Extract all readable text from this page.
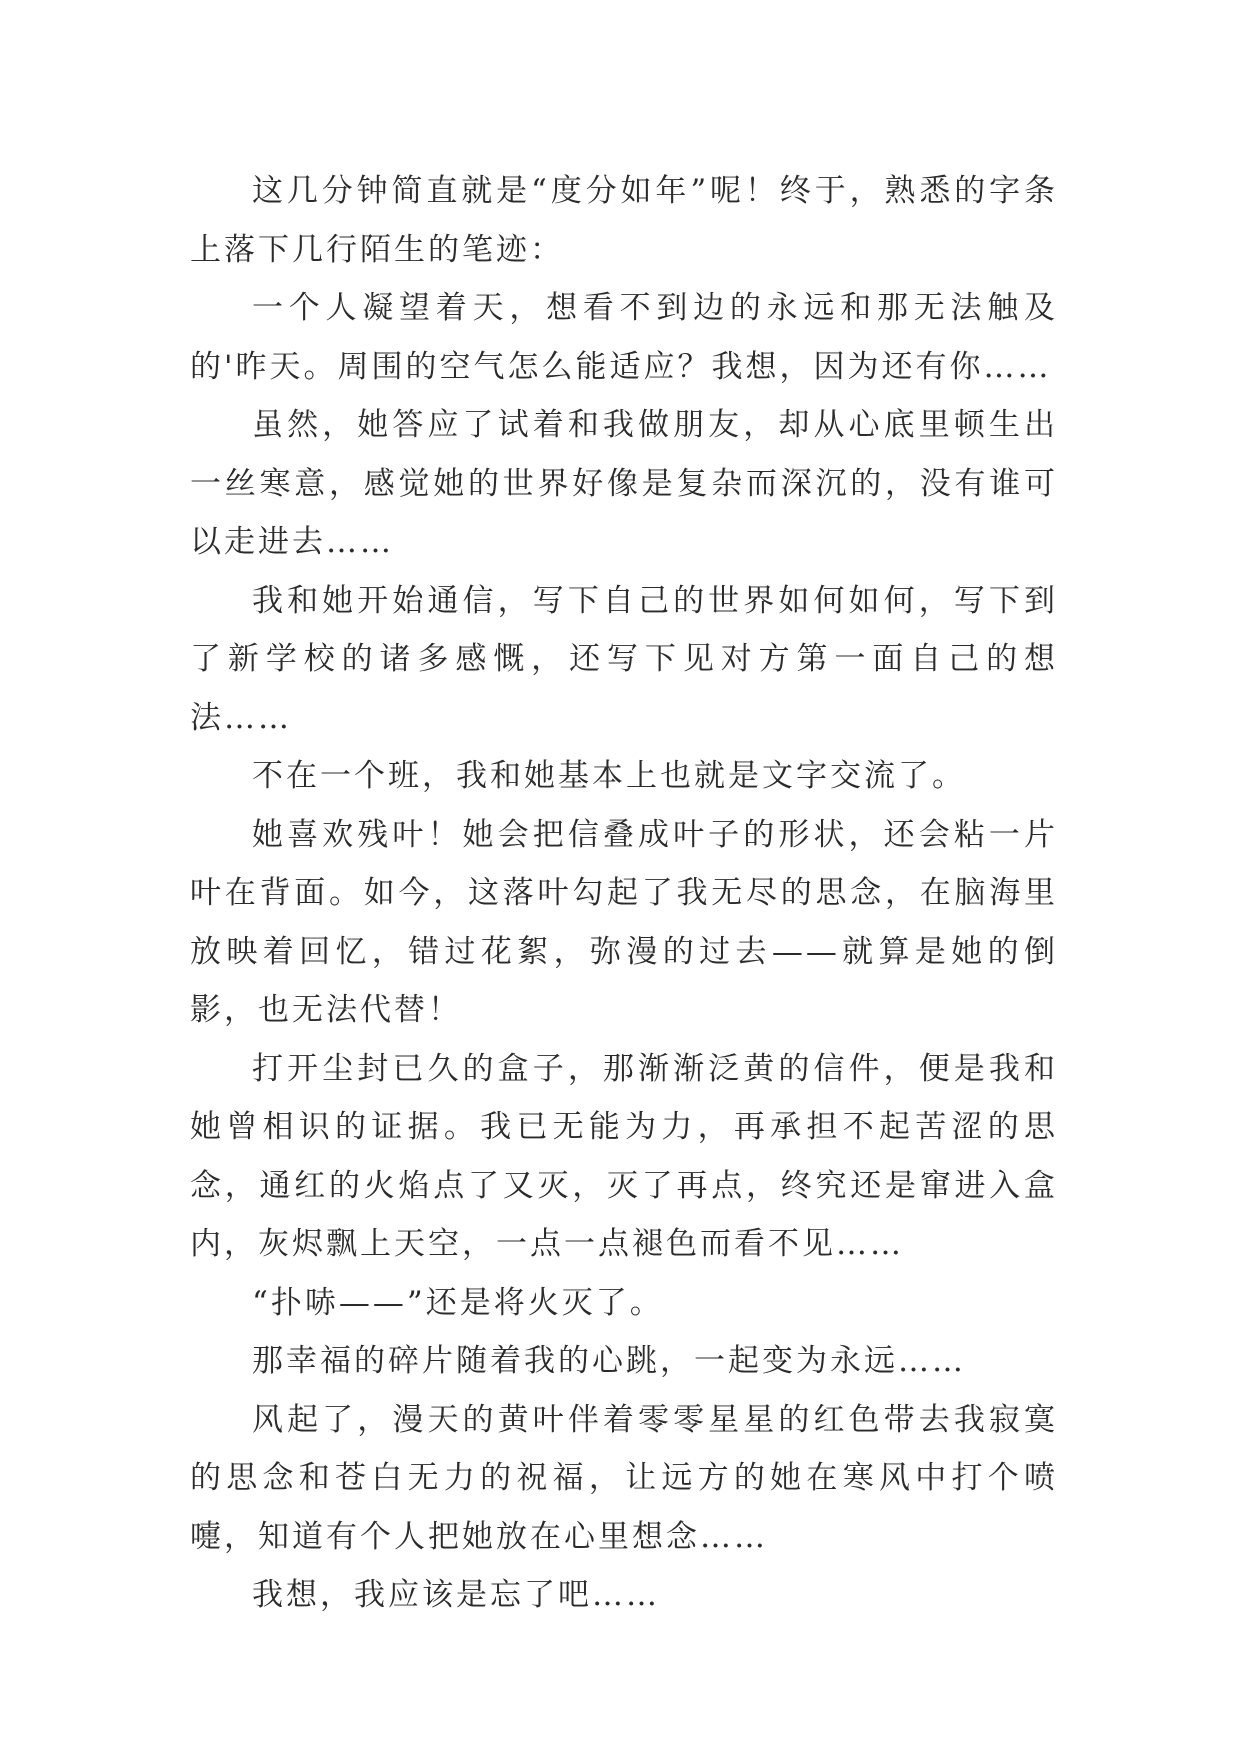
这几分钟简直就是“度分如年”呢！终于，熟悉的字条上落下几行陌生的笔迹：

一个人凝望着天，想看不到边的永远和那无法触及的'昨天。周围的空气怎么能适应？我想，因为还有你……

虽然，她答应了试着和我做朋友，却从心底里顿生出一丝寒意，感觉她的世界好像是复杂而深沉的，没有谁可以走进去……

我和她开始通信，写下自己的世界如何如何，写下到了新学校的诸多感慨，还写下见对方第一面自己的想法……

不在一个班，我和她基本上也就是文字交流了。

她喜欢残叶！她会把信叠成叶子的形状，还会粘一片叶在背面。如今，这落叶勾起了我无尽的思念，在脑海里放映着回忆，错过花絮，弥漫的过去——就算是她的倒影，也无法代替！

打开尘封已久的盒子，那渐渐泛黄的信件，便是我和她曾相识的证据。我已无能为力，再承担不起苦涩的思念，通红的火焰点了又灭，灭了再点，终究还是窜进入盒内，灰烬飘上天空，一点一点褪色而看不见……

“扑哧——”还是将火灭了。

那幸福的碎片随着我的心跳，一起变为永远……

风起了，漫天的黄叶伴着零零星星的红色带去我寂寞的思念和苍白无力的祝福，让远方的她在寒风中打个喷嚏，知道有个人把她放在心里想念……

我想，我应该是忘了吧……
